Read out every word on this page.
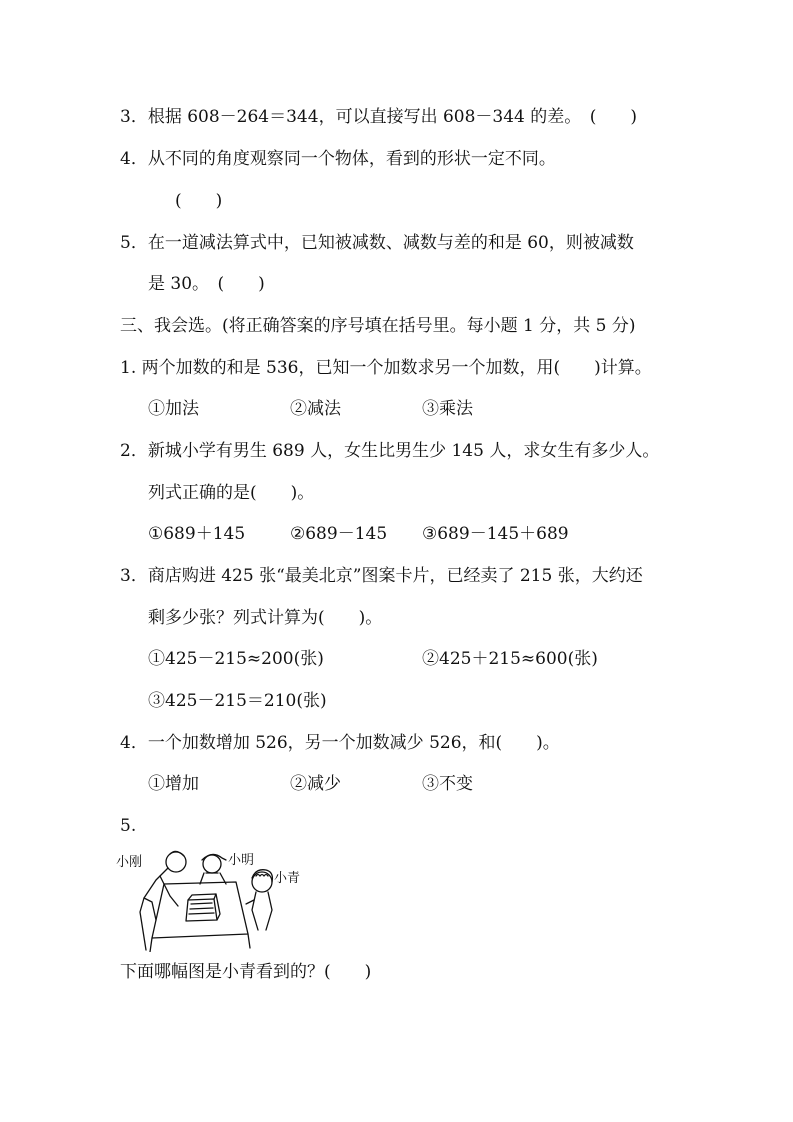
3．根据 608－264＝344，可以直接写出 608－344 的差。　(　　)
4．从不同的角度观察同一个物体，看到的形状一定不同。
(　　)
5．在一道减法算式中，已知被减数、减数与差的和是 60，则被减数
是 30。　(　　)
三、我会选。(将正确答案的序号填在括号里。每小题 1 分，共 5 分)
1. 两个加数的和是 536，已知一个加数求另一个加数，用(　　)计算。
①加法	②减法	③乘法
2．新城小学有男生 689 人，女生比男生少 145 人，求女生有多少人。
列式正确的是(　　)。
①689＋145	②689－145 ③689－145＋689
3．商店购进 425 张“最美北京”图案卡片，已经卖了 215 张，大约还
剩多少张？列式计算为(　　)。
①425－215≈200(张)	②425＋215≈600(张)
③425－215＝210(张)
4．一个加数增加 526，另一个加数减少 526，和(　　)。
①增加	②减少	③不变
5.
小刚	小明
小青
下面哪幅图是小青看到的？(　　)
